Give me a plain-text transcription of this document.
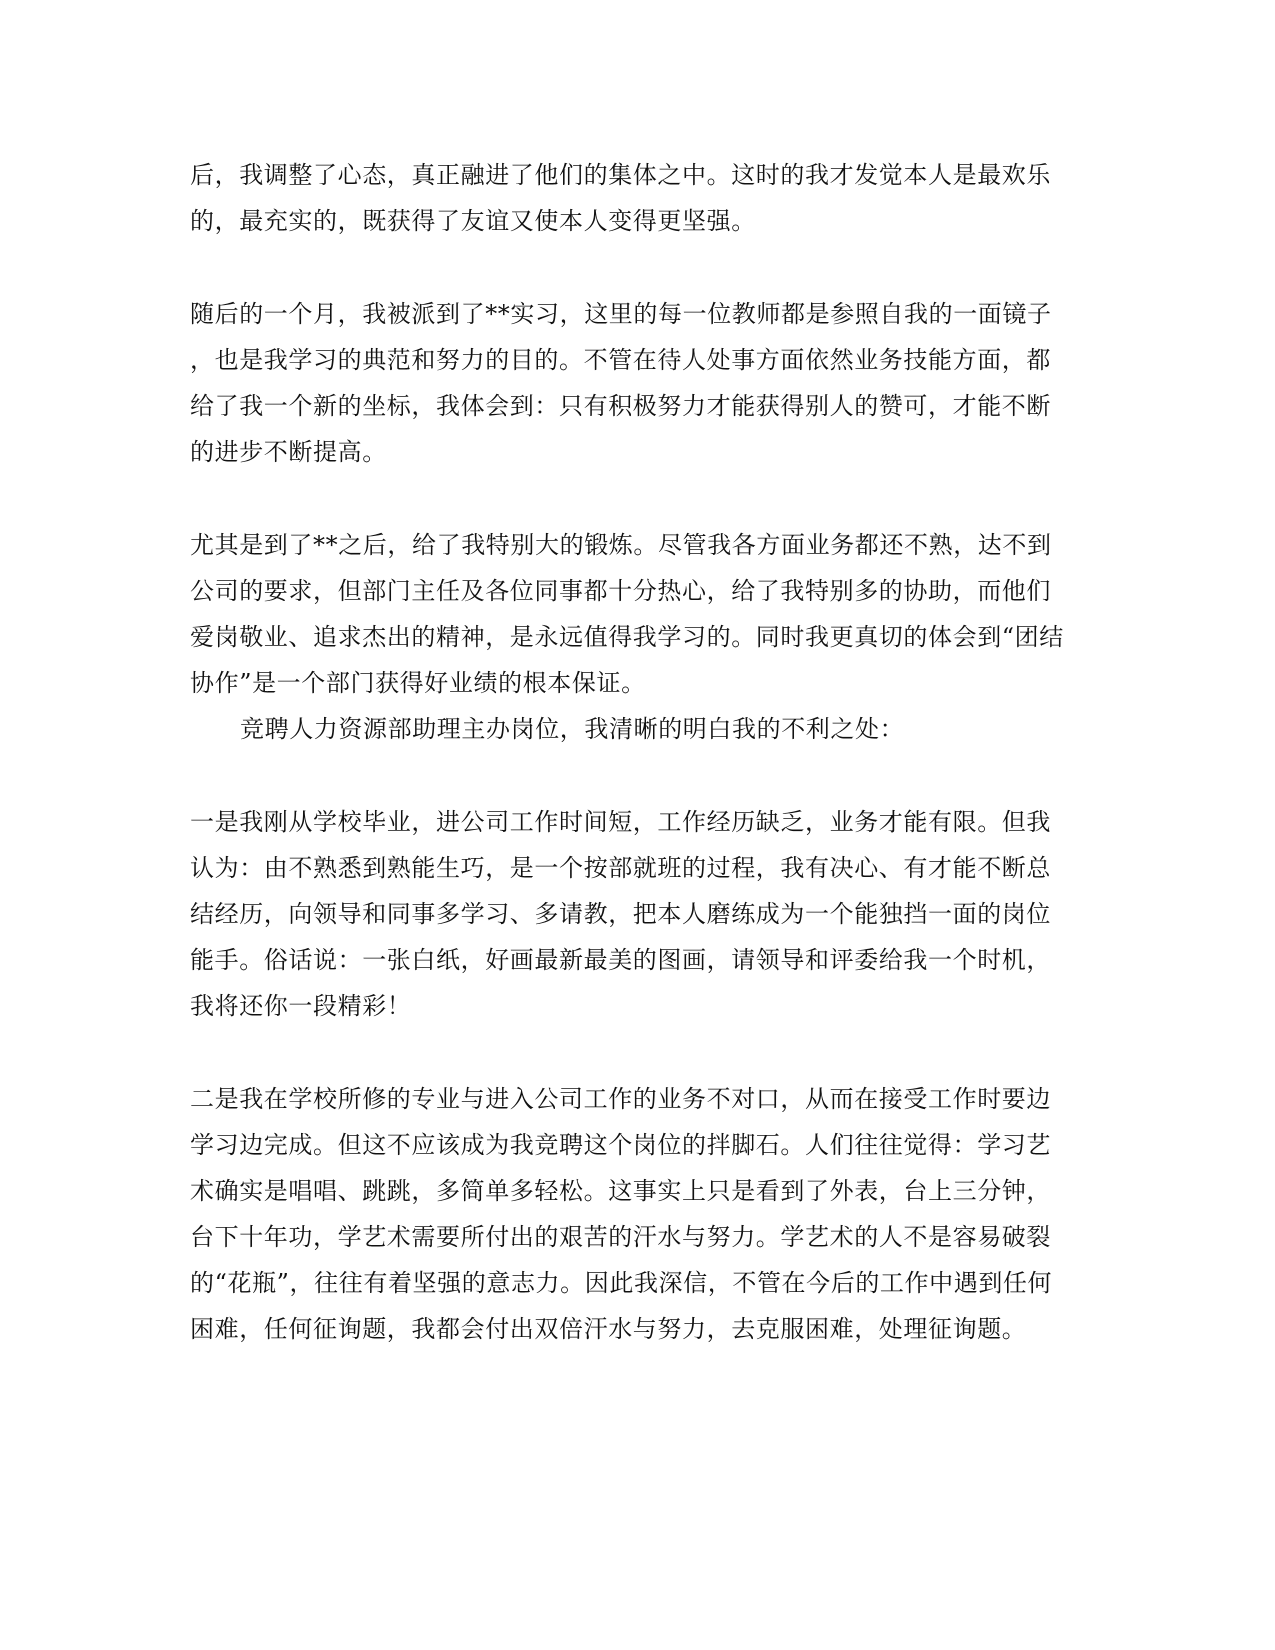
后，我调整了心态，真正融进了他们的集体之中。这时的我才发觉本人是最欢乐

的，最充实的，既获得了友谊又使本人变得更坚强。

随后的一个月，我被派到了**实习，这里的每一位教师都是参照自我的一面镜子

，也是我学习的典范和努力的目的。不管在待人处事方面依然业务技能方面，都

给了我一个新的坐标，我体会到：只有积极努力才能获得别人的赞可，才能不断

的进步不断提高。

尤其是到了**之后，给了我特别大的锻炼。尽管我各方面业务都还不熟，达不到

公司的要求，但部门主任及各位同事都十分热心，给了我特别多的协助，而他们

爱岗敬业、追求杰出的精神，是永远值得我学习的。同时我更真切的体会到“团结

协作”是一个部门获得好业绩的根本保证。

竞聘人力资源部助理主办岗位，我清晰的明白我的不利之处：

一是我刚从学校毕业，进公司工作时间短，工作经历缺乏，业务才能有限。但我

认为：由不熟悉到熟能生巧，是一个按部就班的过程，我有决心、有才能不断总

结经历，向领导和同事多学习、多请教，把本人磨练成为一个能独挡一面的岗位

能手。俗话说：一张白纸，好画最新最美的图画，请领导和评委给我一个时机，

我将还你一段精彩！

二是我在学校所修的专业与进入公司工作的业务不对口，从而在接受工作时要边

学习边完成。但这不应该成为我竞聘这个岗位的拌脚石。人们往往觉得：学习艺

术确实是唱唱、跳跳，多简单多轻松。这事实上只是看到了外表，台上三分钟，

台下十年功，学艺术需要所付出的艰苦的汗水与努力。学艺术的人不是容易破裂

的“花瓶”，往往有着坚强的意志力。因此我深信，不管在今后的工作中遇到任何

困难，任何征询题，我都会付出双倍汗水与努力，去克服困难，处理征询题。
